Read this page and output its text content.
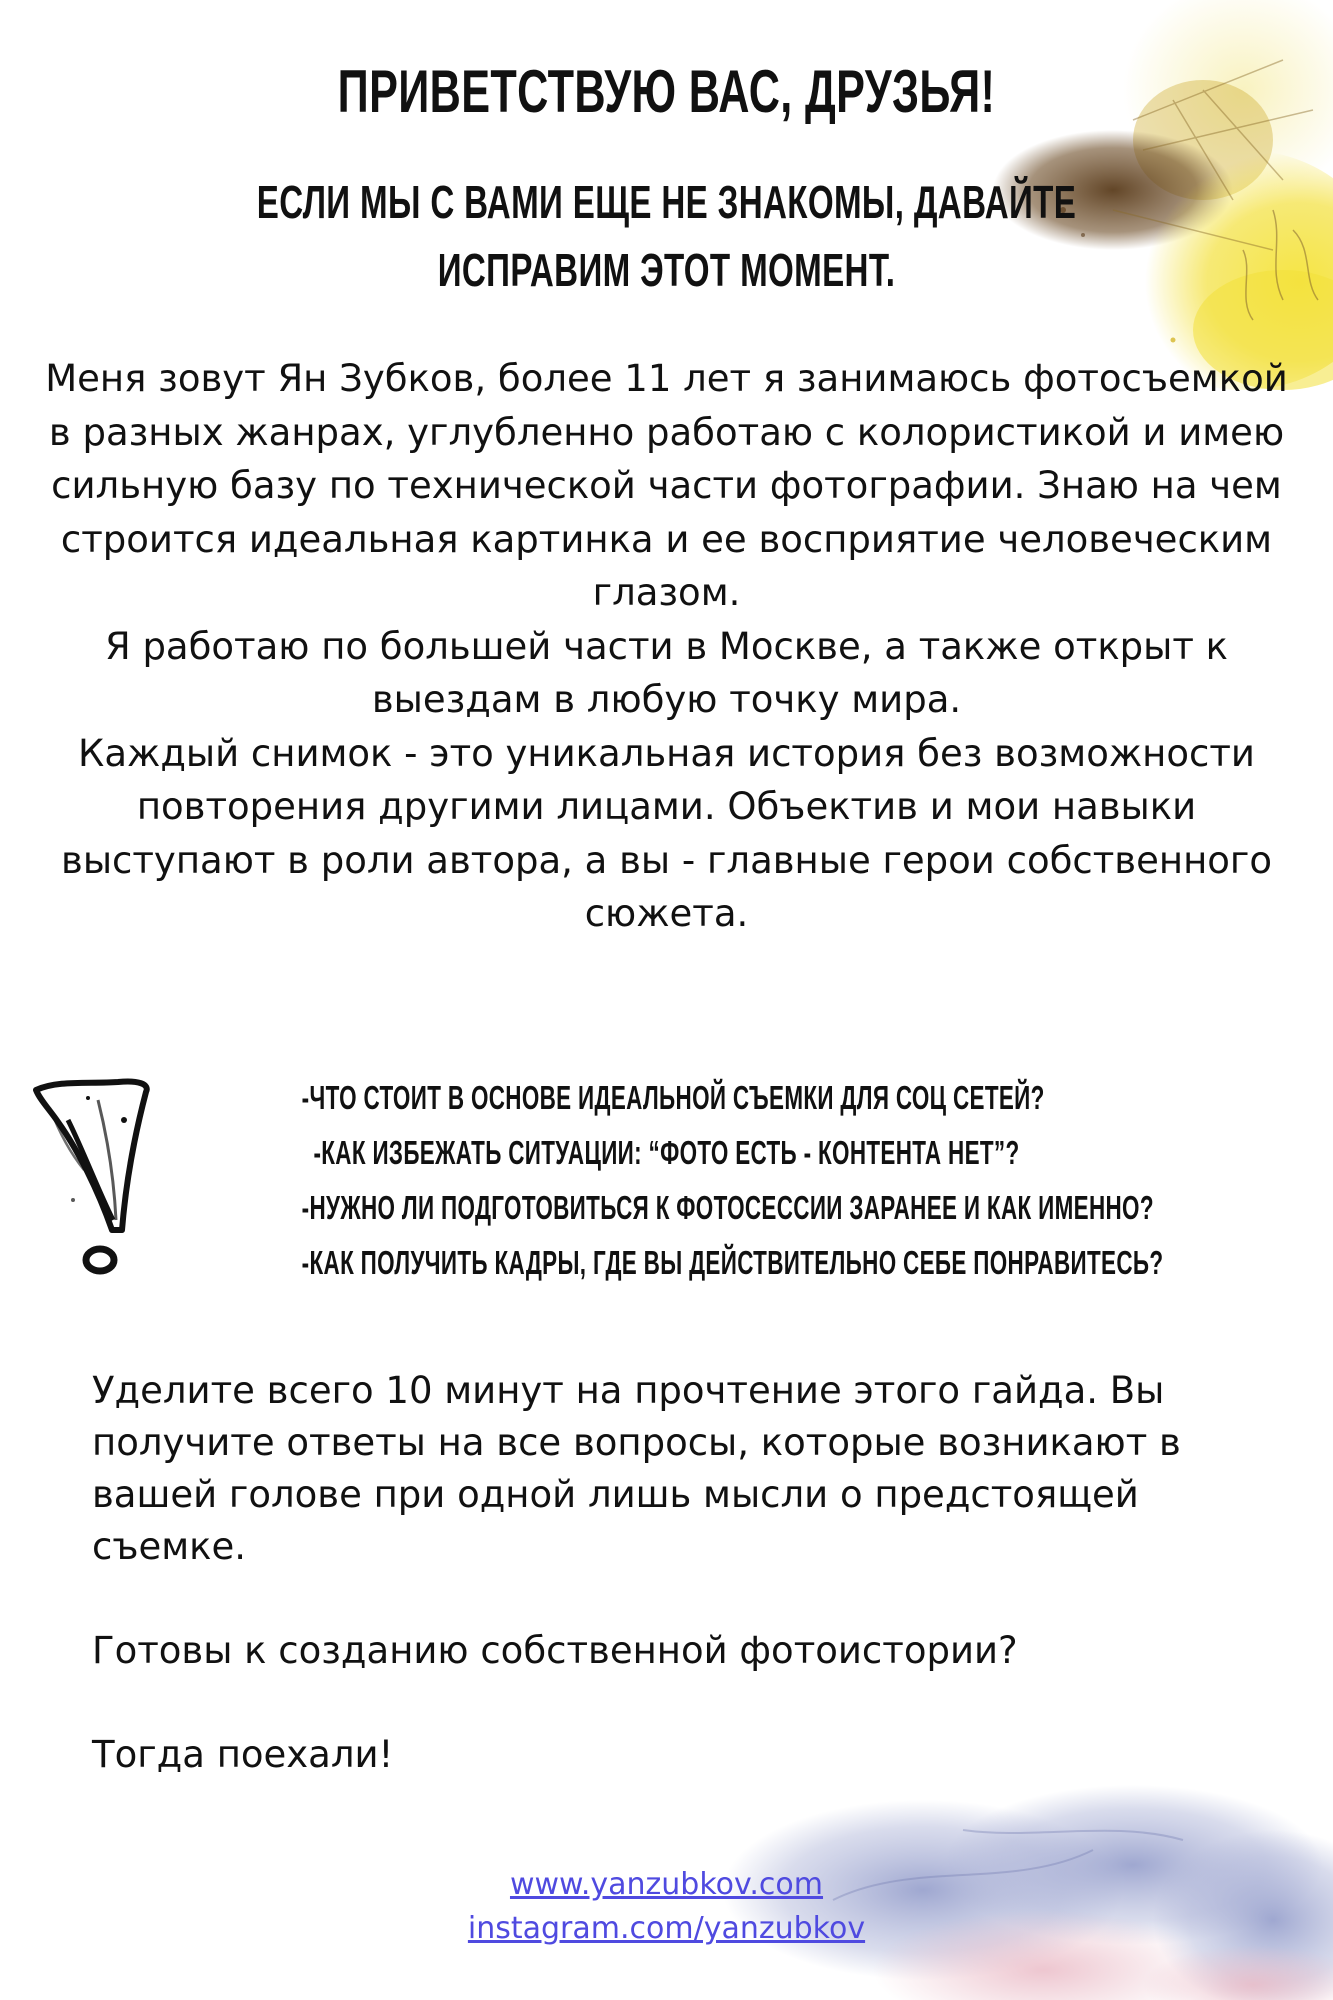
ПРИВЕТСТВУЮ ВАС, ДРУЗЬЯ!
ЕСЛИ МЫ С ВАМИ ЕЩЕ НЕ ЗНАКОМЫ, ДАВАЙТЕ
ИСПРАВИМ ЭТОТ МОМЕНТ.

Меня зовут Ян Зубков, более 11 лет я занимаюсь фотосъемкой в разных жанрах, углубленно работаю с колористикой и имею сильную базу по технической части фотографии. Знаю на чем строится идеальная картинка и ее восприятие человеческим глазом.

Я работаю по большей части в Москве, а также открыт к выездам в любую точку мира.

Каждый снимок - это уникальная история без возможности повторения другими лицами. Объектив и мои навыки выступают в роли автора, а вы - главные герои собственного сюжета.

-ЧТО СТОИТ В ОСНОВЕ ИДЕАЛЬНОЙ СЪЕМКИ ДЛЯ СОЦ СЕТЕЙ?
-КАК ИЗБЕЖАТЬ СИТУАЦИИ: “ФОТО ЕСТЬ - КОНТЕНТА НЕТ”?
-НУЖНО ЛИ ПОДГОТОВИТЬСЯ К ФОТОСЕССИИ ЗАРАНЕЕ И КАК ИМЕННО?
-КАК ПОЛУЧИТЬ КАДРЫ, ГДЕ ВЫ ДЕЙСТВИТЕЛЬНО СЕБЕ ПОНРАВИТЕСЬ?

Уделите всего 10 минут на прочтение этого гайда. Вы получите ответы на все вопросы, которые возникают в вашей голове при одной лишь мысли о предстоящей съемке.

Готовы к созданию собственной фотоистории?

Тогда поехали!

www.yanzubkov.com
instagram.com/yanzubkov
